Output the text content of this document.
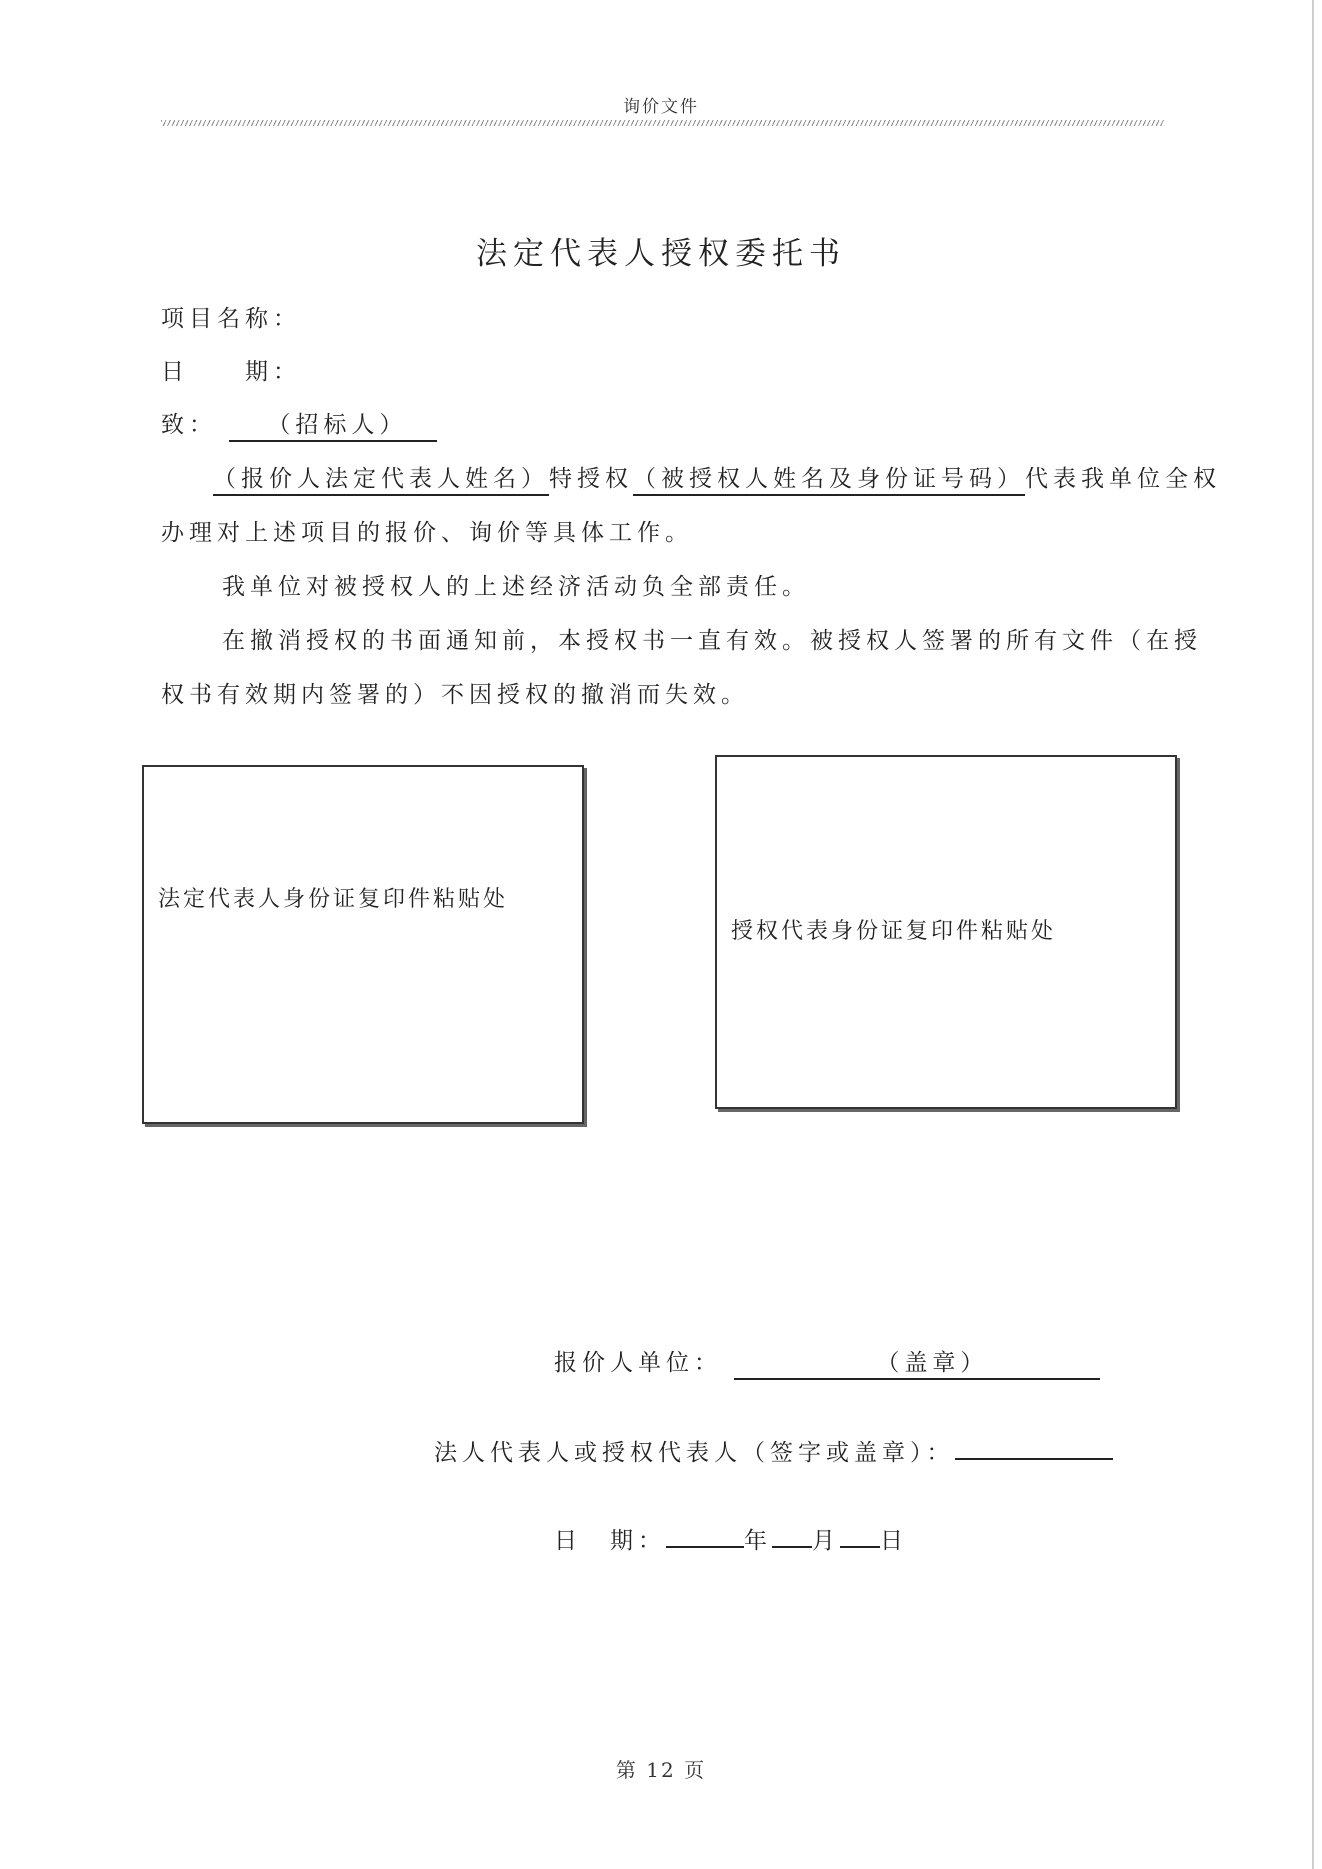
询价文件
法定代表人授权委托书
项目名称：
日　　期：
致： （招标人）
（报价人法定代表人姓名）特授权（被授权人姓名及身份证号码）代表我单位全权
办理对上述项目的报价、询价等具体工作。
我单位对被授权人的上述经济活动负全部责任。
在撤消授权的书面通知前，本授权书一直有效。被授权人签署的所有文件（在授
权书有效期内签署的）不因授权的撤消而失效。
法定代表人身份证复印件粘贴处
授权代表身份证复印件粘贴处
报价人单位：	（盖章）
法人代表人或授权代表人（签字或盖章）：
日　期：	年 月 日
第 12 页
